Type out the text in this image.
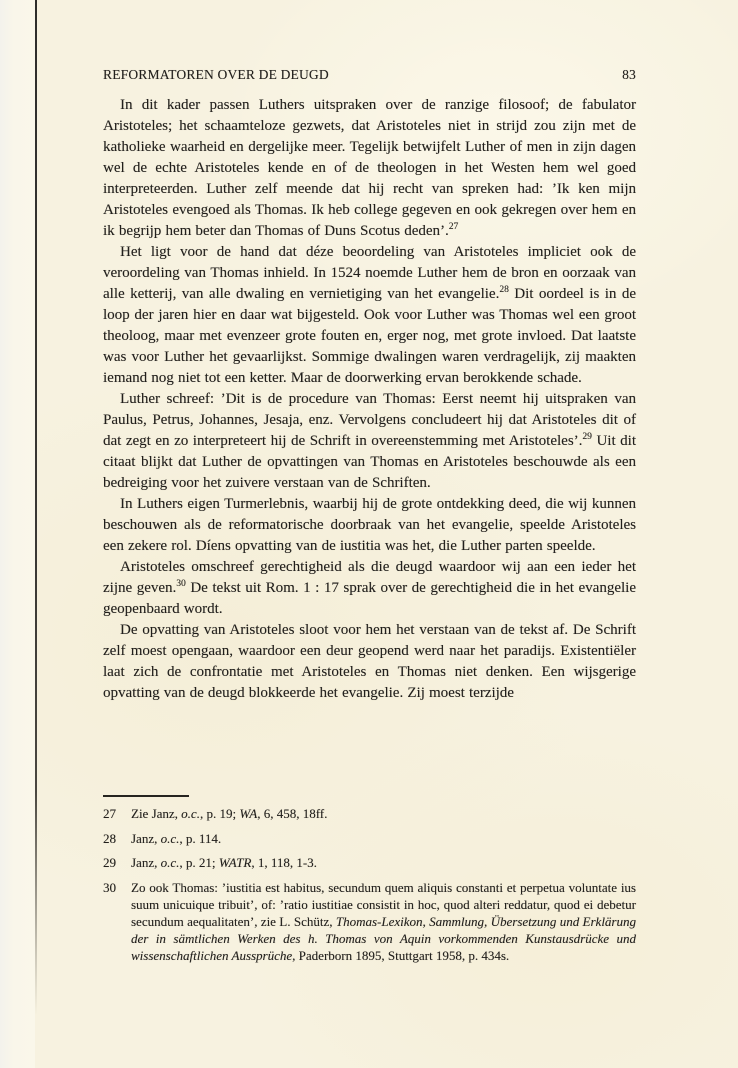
REFORMATOREN OVER DE DEUGD	83

In dit kader passen Luthers uitspraken over de ranzige filosoof; de fabulator Aristoteles; het schaamteloze gezwets, dat Aristoteles niet in strijd zou zijn met de katholieke waarheid en dergelijke meer. Tegelijk betwijfelt Luther of men in zijn dagen wel de echte Aristoteles kende en of de theologen in het Westen hem wel goed interpreteerden. Luther zelf meende dat hij recht van spreken had: ’Ik ken mijn Aristoteles evengoed als Thomas. Ik heb college gegeven en ook gekregen over hem en ik begrijp hem beter dan Thomas of Duns Scotus deden’.$^{27}$

Het ligt voor de hand dat déze beoordeling van Aristoteles impliciet ook de veroordeling van Thomas inhield. In 1524 noemde Luther hem de bron en oorzaak van alle ketterij, van alle dwaling en vernietiging van het evangelie.$^{28}$ Dit oordeel is in de loop der jaren hier en daar wat bijgesteld. Ook voor Luther was Thomas wel een groot theoloog, maar met evenzeer grote fouten en, erger nog, met grote invloed. Dat laatste was voor Luther het gevaarlijkst. Sommige dwalingen waren verdragelijk, zij maakten iemand nog niet tot een ketter. Maar de doorwerking ervan berokkende schade.

Luther schreef: ’Dit is de procedure van Thomas: Eerst neemt hij uitspraken van Paulus, Petrus, Johannes, Jesaja, enz. Vervolgens concludeert hij dat Aristoteles dit of dat zegt en zo interpreteert hij de Schrift in overeenstemming met Aristoteles’.$^{29}$ Uit dit citaat blijkt dat Luther de opvattingen van Thomas en Aristoteles beschouwde als een bedreiging voor het zuivere verstaan van de Schriften.

In Luthers eigen Turmerlebnis, waarbij hij de grote ontdekking deed, die wij kunnen beschouwen als de reformatorische doorbraak van het evangelie, speelde Aristoteles een zekere rol. Díens opvatting van de iustitia was het, die Luther parten speelde.

Aristoteles omschreef gerechtigheid als die deugd waardoor wij aan een ieder het zijne geven.$^{30}$ De tekst uit Rom. 1 : 17 sprak over de gerechtigheid die in het evangelie geopenbaard wordt.

De opvatting van Aristoteles sloot voor hem het verstaan van de tekst af. De Schrift zelf moest opengaan, waardoor een deur geopend werd naar het paradijs. Existentiëler laat zich de confrontatie met Aristoteles en Thomas niet denken. Een wijsgerige opvatting van de deugd blokkeerde het evangelie. Zij moest terzijde

27	Zie Janz, o.c., p. 19; WA, 6, 458, 18ff.
28	Janz, o.c., p. 114.
29	Janz, o.c., p. 21; WATR, 1, 118, 1-3.
30	Zo ook Thomas: ’iustitia est habitus, secundum quem aliquis constanti et perpetua voluntate ius suum unicuique tribuit’, of: ’ratio iustitiae consistit in hoc, quod alteri reddatur, quod ei debetur secundum aequalitaten’, zie L. Schütz, Thomas-Lexikon, Sammlung, Übersetzung und Erklärung der in sämtlichen Werken des h. Thomas von Aquin vorkommenden Kunstausdrücke und wissenschaftlichen Aussprüche, Paderborn 1895, Stuttgart 1958, p. 434s.
